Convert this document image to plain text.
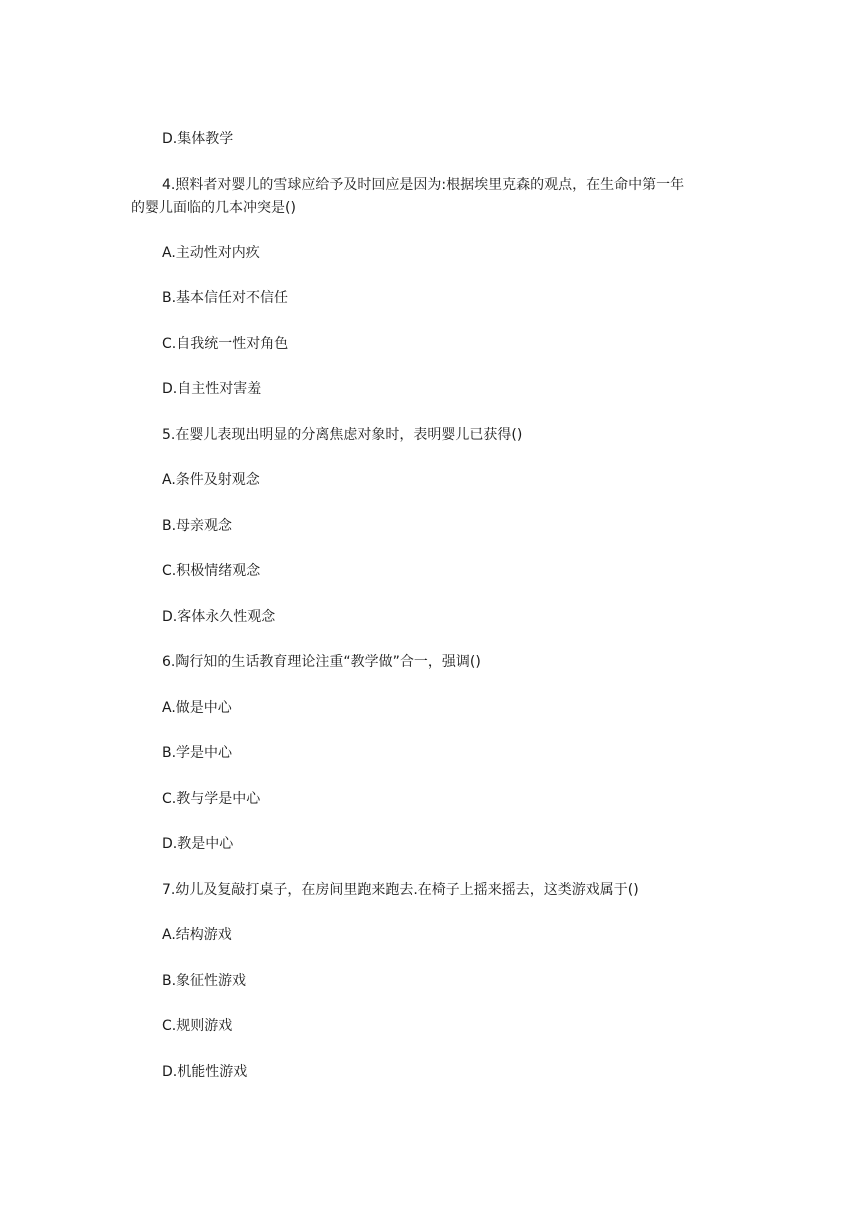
D.集体教学
4.照料者对婴儿的雪球应给予及时回应是因为:根据埃里克森的观点，在生命中第一年
的婴儿面临的几本冲突是()
A.主动性对内疚
B.基本信任对不信任
C.自我统一性对角色
D.自主性对害羞
5.在婴儿表现出明显的分离焦虑对象时，表明婴儿已获得()
A.条件及射观念
B.母亲观念
C.积极情绪观念
D.客体永久性观念
6.陶行知的生话教育理论注重“教学做”合一，强调()
A.做是中心
B.学是中心
C.教与学是中心
D.教是中心
7.幼儿及复敲打桌子，在房间里跑来跑去.在椅子上摇来摇去，这类游戏属于()
A.结构游戏
B.象征性游戏
C.规则游戏
D.机能性游戏
